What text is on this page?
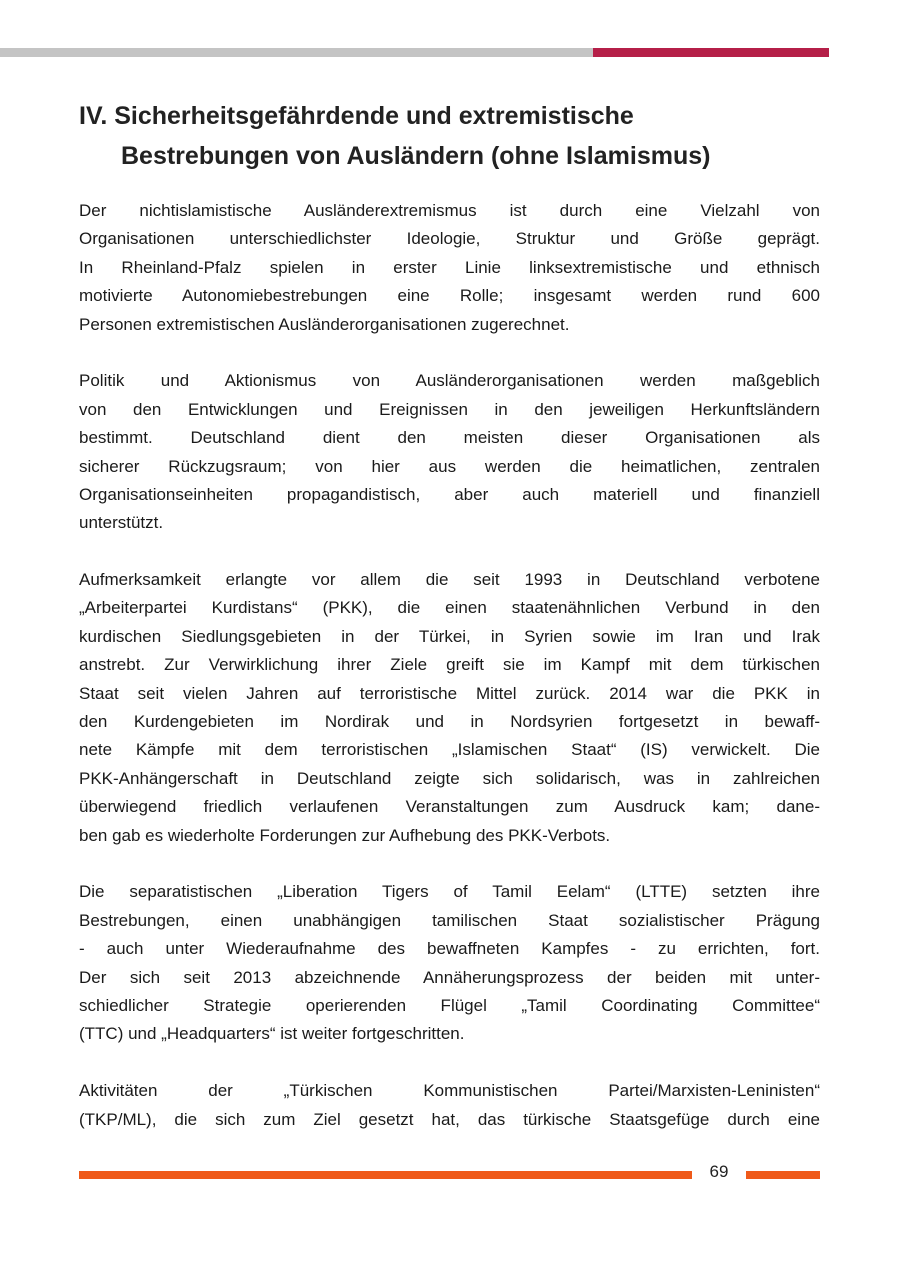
IV. Sicherheitsgefährdende und extremistische
Bestrebungen von Ausländern (ohne Islamismus)
Der nichtislamistische Ausländerextremismus ist durch eine Vielzahl von
Organisationen unterschiedlichster Ideologie, Struktur und Größe geprägt.
In Rheinland-Pfalz spielen in erster Linie linksextremistische und ethnisch
motivierte Autonomiebestrebungen eine Rolle; insgesamt werden rund 600
Personen extremistischen Ausländerorganisationen zugerechnet.
Politik und Aktionismus von Ausländerorganisationen werden maßgeblich
von den Entwicklungen und Ereignissen in den jeweiligen Herkunftsländern
bestimmt. Deutschland dient den meisten dieser Organisationen als
sicherer Rückzugsraum; von hier aus werden die heimatlichen, zentralen
Organisationseinheiten propagandistisch, aber auch materiell und finanziell
unterstützt.
Aufmerksamkeit erlangte vor allem die seit 1993 in Deutschland verbotene
„Arbeiterpartei Kurdistans“ (PKK), die einen staatenähnlichen Verbund in den
kurdischen Siedlungsgebieten in der Türkei, in Syrien sowie im Iran und Irak
anstrebt. Zur Verwirklichung ihrer Ziele greift sie im Kampf mit dem türkischen
Staat seit vielen Jahren auf terroristische Mittel zurück. 2014 war die PKK in
den Kurdengebieten im Nordirak und in Nordsyrien fortgesetzt in bewaff-
nete Kämpfe mit dem terroristischen „Islamischen Staat“ (IS) verwickelt. Die
PKK-Anhängerschaft in Deutschland zeigte sich solidarisch, was in zahlreichen
überwiegend friedlich verlaufenen Veranstaltungen zum Ausdruck kam; dane-
ben gab es wiederholte Forderungen zur Aufhebung des PKK-Verbots.
Die separatistischen „Liberation Tigers of Tamil Eelam“ (LTTE) setzten ihre
Bestrebungen, einen unabhängigen tamilischen Staat sozialistischer Prägung
- auch unter Wiederaufnahme des bewaffneten Kampfes - zu errichten, fort.
Der sich seit 2013 abzeichnende Annäherungsprozess der beiden mit unter-
schiedlicher Strategie operierenden Flügel „Tamil Coordinating Committee“
(TTC) und „Headquarters“ ist weiter fortgeschritten.
Aktivitäten der „Türkischen Kommunistischen Partei/Marxisten-Leninisten“
(TKP/ML), die sich zum Ziel gesetzt hat, das türkische Staatsgefüge durch eine
69
